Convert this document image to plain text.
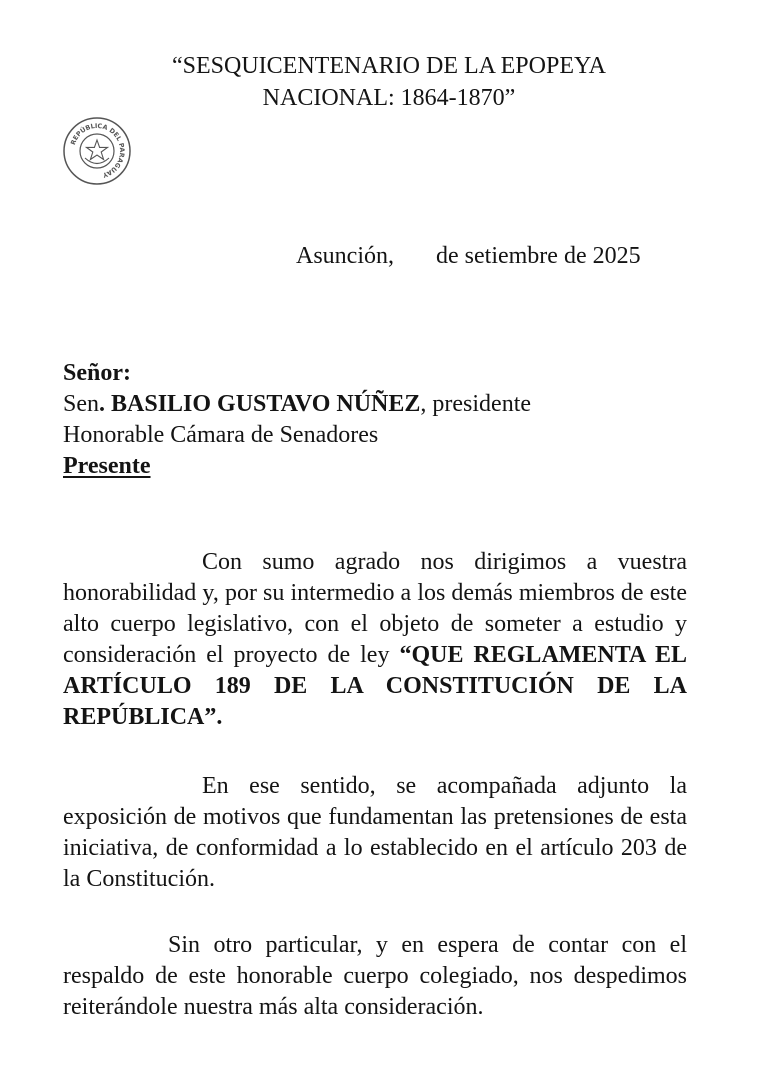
“SESQUICENTENARIO DE LA EPOPEYA
NACIONAL: 1864-1870”
REPÚBLICA DEL PARAGUAY
Asunción, de setiembre de 2025
Señor:
Sen. BASILIO GUSTAVO NÚÑEZ, presidente
Honorable Cámara de Senadores
Presente
Con sumo agrado nos dirigimos a vuestra honorabilidad y, por su intermedio a los demás miembros de este alto cuerpo legislativo, con el objeto de someter a estudio y consideración el proyecto de ley “QUE REGLAMENTA EL ARTÍCULO 189 DE LA CONSTITUCIÓN DE LA REPÚBLICA”.
En ese sentido, se acompañada adjunto la exposición de motivos que fundamentan las pretensiones de esta iniciativa, de conformidad a lo establecido en el artículo 203 de la Constitución.
Sin otro particular, y en espera de contar con el respaldo de este honorable cuerpo colegiado, nos despedimos reiterándole nuestra más alta consideración.
